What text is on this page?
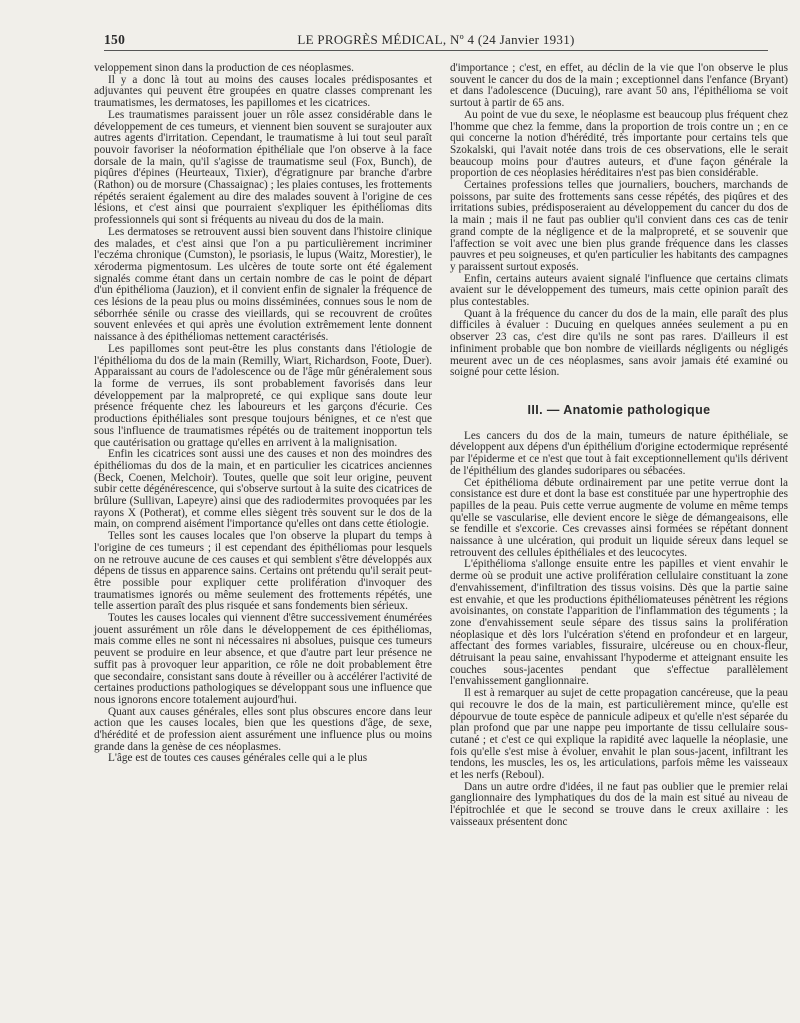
150	LE PROGRÈS MÉDICAL, Nº 4 (24 Janvier 1931)

veloppement sinon dans la production de ces néoplasmes.

Il y a donc là tout au moins des causes locales prédisposantes et adjuvantes qui peuvent être groupées en quatre classes comprenant les traumatismes, les dermatoses, les papillomes et les cicatrices.

Les traumatismes paraissent jouer un rôle assez considérable dans le développement de ces tumeurs, et viennent bien souvent se surajouter aux autres agents d'irritation. Cependant, le traumatisme à lui tout seul paraît pouvoir favoriser la néoformation épithéliale que l'on observe à la face dorsale de la main, qu'il s'agisse de traumatisme seul (Fox, Bunch), de piqûres d'épines (Heurteaux, Tixier), d'égratignure par branche d'arbre (Rathon) ou de morsure (Chassaignac) ; les plaies contuses, les frottements répétés seraient également au dire des malades souvent à l'origine de ces lésions, et c'est ainsi que pourraient s'expliquer les épithéliomas dits professionnels qui sont si fréquents au niveau du dos de la main.

Les dermatoses se retrouvent aussi bien souvent dans l'histoire clinique des malades, et c'est ainsi que l'on a pu particulièrement incriminer l'eczéma chronique (Cumston), le psoriasis, le lupus (Waitz, Morestier), le xéroderma pigmentosum. Les ulcères de toute sorte ont été également signalés comme étant dans un certain nombre de cas le point de départ d'un épithélioma (Jauzion), et il convient enfin de signaler la fréquence de ces lésions de la peau plus ou moins disséminées, connues sous le nom de séborrhée sénile ou crasse des vieillards, qui se recouvrent de croûtes souvent enlevées et qui après une évolution extrêmement lente donnent naissance à des épithéliomas nettement caractérisés.

Les papillomes sont peut-être les plus constants dans l'étiologie de l'épithélioma du dos de la main (Remilly, Wiart, Richardson, Foote, Duer). Apparaissant au cours de l'adolescence ou de l'âge mûr généralement sous la forme de verrues, ils sont probablement favorisés dans leur développement par la malpropreté, ce qui explique sans doute leur présence fréquente chez les laboureurs et les garçons d'écurie. Ces productions épithéliales sont presque toujours bénignes, et ce n'est que sous l'influence de traumatismes répétés ou de traitement inopportun tels que cautérisation ou grattage qu'elles en arrivent à la malignisation.

Enfin les cicatrices sont aussi une des causes et non des moindres des épithéliomas du dos de la main, et en particulier les cicatrices anciennes (Beck, Coenen, Melchoir). Toutes, quelle que soit leur origine, peuvent subir cette dégénérescence, qui s'observe surtout à la suite des cicatrices de brûlure (Sullivan, Lapeyre) ainsi que des radiodermites provoquées par les rayons X (Potherat), et comme elles siègent très souvent sur le dos de la main, on comprend aisément l'importance qu'elles ont dans cette étiologie.

Telles sont les causes locales que l'on observe la plupart du temps à l'origine de ces tumeurs ; il est cependant des épithéliomas pour lesquels on ne retrouve aucune de ces causes et qui semblent s'être développés aux dépens de tissus en apparence sains. Certains ont prétendu qu'il serait peut-être possible pour expliquer cette prolifération d'invoquer des traumatismes ignorés ou même seulement des frottements répétés, une telle assertion paraît des plus risquée et sans fondements bien sérieux.

Toutes les causes locales qui viennent d'être successivement énumérées jouent assurément un rôle dans le développement de ces épithéliomas, mais comme elles ne sont ni nécessaires ni absolues, puisque ces tumeurs peuvent se produire en leur absence, et que d'autre part leur présence ne suffit pas à provoquer leur apparition, ce rôle ne doit probablement être que secondaire, consistant sans doute à réveiller ou à accélérer l'activité de certaines productions pathologiques se développant sous une influence que nous ignorons encore totalement aujourd'hui.

Quant aux causes générales, elles sont plus obscures encore dans leur action que les causes locales, bien que les questions d'âge, de sexe, d'hérédité et de profession aient assurément une influence plus ou moins grande dans la genèse de ces néoplasmes.

L'âge est de toutes ces causes générales celle qui a le plus

d'importance ; c'est, en effet, au déclin de la vie que l'on observe le plus souvent le cancer du dos de la main ; exceptionnel dans l'enfance (Bryant) et dans l'adolescence (Ducuing), rare avant 50 ans, l'épithélioma se voit surtout à partir de 65 ans.

Au point de vue du sexe, le néoplasme est beaucoup plus fréquent chez l'homme que chez la femme, dans la proportion de trois contre un ; en ce qui concerne la notion d'hérédité, très importante pour certains tels que Szokalski, qui l'avait notée dans trois de ces observations, elle le serait beaucoup moins pour d'autres auteurs, et d'une façon générale la proportion de ces néoplasies héréditaires n'est pas bien considérable.

Certaines professions telles que journaliers, bouchers, marchands de poissons, par suite des frottements sans cesse répétés, des piqûres et des irritations subies, prédisposeraient au développement du cancer du dos de la main ; mais il ne faut pas oublier qu'il convient dans ces cas de tenir grand compte de la négligence et de la malpropreté, et se souvenir que l'affection se voit avec une bien plus grande fréquence dans les classes pauvres et peu soigneuses, et qu'en particulier les habitants des campagnes y paraissent surtout exposés.

Enfin, certains auteurs avaient signalé l'influence que certains climats avaient sur le développement des tumeurs, mais cette opinion paraît des plus contestables.

Quant à la fréquence du cancer du dos de la main, elle paraît des plus difficiles à évaluer : Ducuing en quelques années seulement a pu en observer 23 cas, c'est dire qu'ils ne sont pas rares. D'ailleurs il est infiniment probable que bon nombre de vieillards négligents ou négligés meurent avec un de ces néoplasmes, sans avoir jamais été examiné ou soigné pour cette lésion.

III. — Anatomie pathologique

Les cancers du dos de la main, tumeurs de nature épithéliale, se développent aux dépens d'un épithélium d'origine ectodermique représenté par l'épiderme et ce n'est que tout à fait exceptionnellement qu'ils dérivent de l'épithélium des glandes sudoripares ou sébacées.

Cet épithélioma débute ordinairement par une petite verrue dont la consistance est dure et dont la base est constituée par une hypertrophie des papilles de la peau. Puis cette verrue augmente de volume en même temps qu'elle se vascularise, elle devient encore le siège de démangeaisons, elle se fendille et s'excorie. Ces crevasses ainsi formées se répétant donnent naissance à une ulcération, qui produit un liquide séreux dans lequel se retrouvent des cellules épithéliales et des leucocytes.

L'épithélioma s'allonge ensuite entre les papilles et vient envahir le derme où se produit une active prolifération cellulaire constituant la zone d'envahissement, d'infiltration des tissus voisins. Dès que la partie saine est envahie, et que les productions épithéliomateuses pénètrent les régions avoisinantes, on constate l'apparition de l'inflammation des téguments ; la zone d'envahissement seule sépare des tissus sains la prolifération néoplasique et dès lors l'ulcération s'étend en profondeur et en largeur, affectant des formes variables, fissuraire, ulcéreuse ou en choux-fleur, détruisant la peau saine, envahissant l'hypoderme et atteignant ensuite les couches sous-jacentes pendant que s'effectue parallèlement l'envahissement ganglionnaire.

Il est à remarquer au sujet de cette propagation cancéreuse, que la peau qui recouvre le dos de la main, est particulièrement mince, qu'elle est dépourvue de toute espèce de pannicule adipeux et qu'elle n'est séparée du plan profond que par une nappe peu importante de tissu cellulaire sous-cutané ; et c'est ce qui explique la rapidité avec laquelle la néoplasie, une fois qu'elle s'est mise à évoluer, envahit le plan sous-jacent, infiltrant les tendons, les muscles, les os, les articulations, parfois même les vaisseaux et les nerfs (Reboul).

Dans un autre ordre d'idées, il ne faut pas oublier que le premier relai ganglionnaire des lymphatiques du dos de la main est situé au niveau de l'épitrochlée et que le second se trouve dans le creux axillaire : les vaisseaux présentent donc
